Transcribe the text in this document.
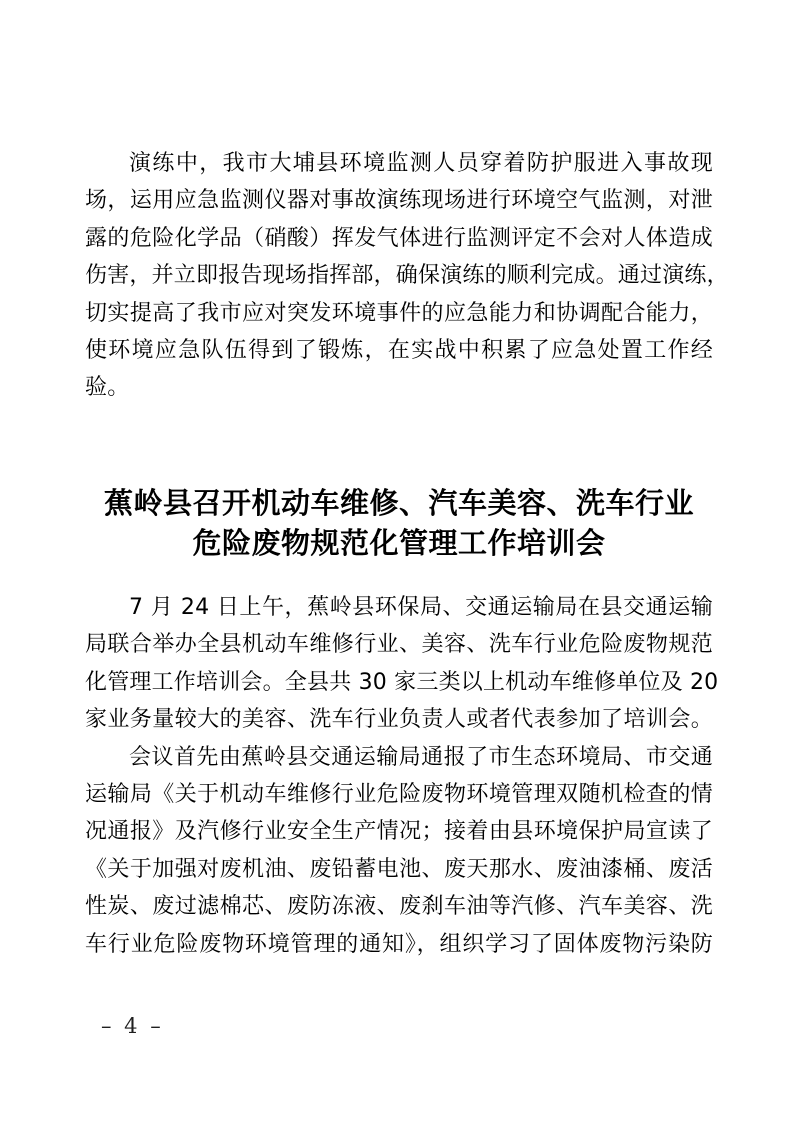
演练中，我市大埔县环境监测人员穿着防护服进入事故现
场，运用应急监测仪器对事故演练现场进行环境空气监测，对泄
露的危险化学品（硝酸）挥发气体进行监测评定不会对人体造成
伤害，并立即报告现场指挥部，确保演练的顺利完成。通过演练，
切实提高了我市应对突发环境事件的应急能力和协调配合能力，
使环境应急队伍得到了锻炼，在实战中积累了应急处置工作经
验。
蕉岭县召开机动车维修、汽车美容、洗车行业
危险废物规范化管理工作培训会
7 月 24 日上午，蕉岭县环保局、交通运输局在县交通运输
局联合举办全县机动车维修行业、美容、洗车行业危险废物规范
化管理工作培训会。全县共 30 家三类以上机动车维修单位及 20
家业务量较大的美容、洗车行业负责人或者代表参加了培训会。
会议首先由蕉岭县交通运输局通报了市生态环境局、市交通
运输局《关于机动车维修行业危险废物环境管理双随机检查的情
况通报》及汽修行业安全生产情况；接着由县环境保护局宣读了
《关于加强对废机油、废铅蓄电池、废天那水、废油漆桶、废活
性炭、废过滤棉芯、废防冻液、废刹车油等汽修、汽车美容、洗
车行业危险废物环境管理的通知》，组织学习了固体废物污染防
– 4 –
